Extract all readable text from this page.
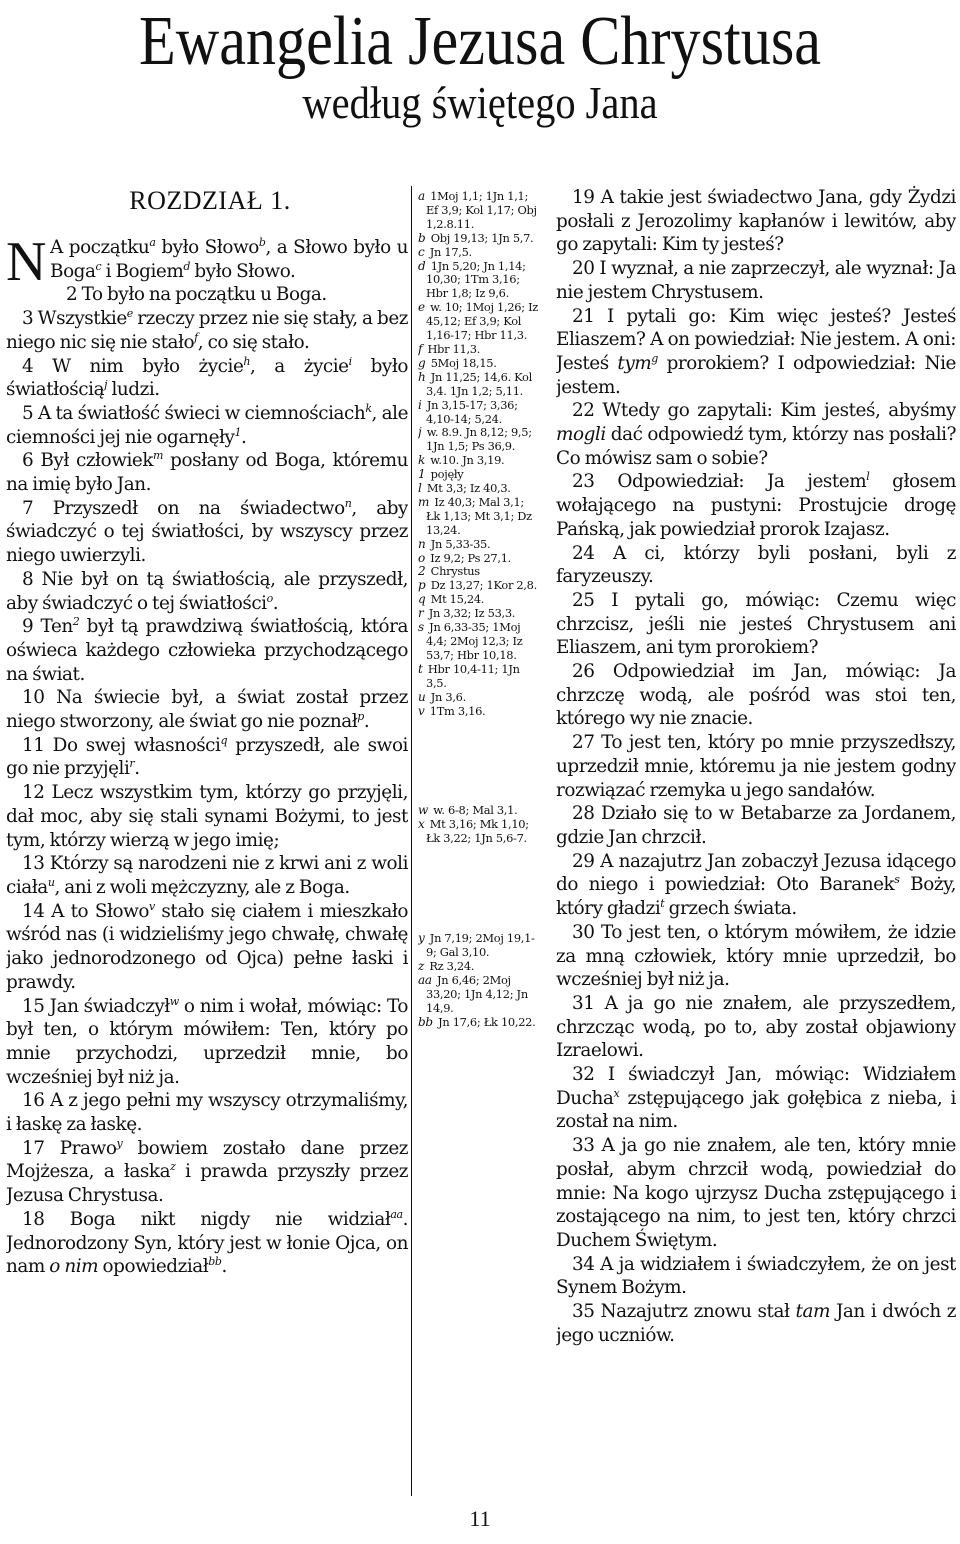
Ewangelia Jezusa Chrystusa
według świętego Jana
ROZDZIAŁ 1.

N A początku$^a$ było Słowo$^b$, a Słowo było u Boga$^c$ i Bogiem$^d$ było Słowo.

2 To było na początku u Boga.

3 Wszystkie$^e$ rzeczy przez nie się stały, a bez niego nic się nie stało$^f$, co się stało.

4 W nim było życie$^h$, a życie$^i$ było światłością$^j$ ludzi.

5 A ta światłość świeci w ciemnościach$^k$, ale ciemności jej nie ogarnęły$^1$.

6 Był człowiek$^m$ posłany od Boga, któremu na imię było Jan.

7 Przyszedł on na świadectwo$^n$, aby świadczyć o tej światłości, by wszyscy przez niego uwierzyli.

8 Nie był on tą światłością, ale przyszedł, aby świadczyć o tej światłości$^o$.

9 Ten$^2$ był tą prawdziwą światłością, która oświeca każdego człowieka przychodzącego na świat.

10 Na świecie był, a świat został przez niego stworzony, ale świat go nie poznał$^p$.

11 Do swej własności$^q$ przyszedł, ale swoi go nie przyjęli$^r$.

12 Lecz wszystkim tym, którzy go przyjęli, dał moc, aby się stali synami Bożymi, to jest tym, którzy wierzą w jego imię;

13 Którzy są narodzeni nie z krwi ani z woli ciała$^u$, ani z woli mężczyzny, ale z Boga.

14 A to Słowo$^v$ stało się ciałem i mieszkało wśród nas (i widzieliśmy jego chwałę, chwałę jako jednorodzonego od Ojca) pełne łaski i prawdy.

15 Jan świadczył$^w$ o nim i wołał, mówiąc: To był ten, o którym mówiłem: Ten, który po mnie przychodzi, uprzedził mnie, bo wcześniej był niż ja.

16 A z jego pełni my wszyscy otrzymaliśmy, i łaskę za łaskę.

17 Prawo$^y$ bowiem zostało dane przez Mojżesza, a łaska$^z$ i prawda przyszły przez Jezusa Chrystusa.

18 Boga nikt nigdy nie widział$^{aa}$. Jednorodzony Syn, który jest w łonie Ojca, on nam o nim opowiedział$^{bb}$.

a 1Moj 1,1; 1Jn 1,1; Ef 3,9; Kol 1,17; Obj 1,2.8.11.
b Obj 19,13; 1Jn 5,7.
c Jn 17,5.
d 1Jn 5,20; Jn 1,14; 10,30; 1Tm 3,16; Hbr 1,8; Iz 9,6.
e w. 10; 1Moj 1,26; Iz 45,12; Ef 3,9; Kol 1,16-17; Hbr 11,3.
f Hbr 11,3.
g 5Moj 18,15.
h Jn 11,25; 14,6. Kol 3,4. 1Jn 1,2; 5,11.
i Jn 3,15-17; 3,36; 4,10-14; 5,24.
j w. 8.9. Jn 8,12; 9,5; 1Jn 1,5; Ps 36,9.
k w.10. Jn 3,19.
1 pojęły
l Mt 3,3; Iz 40,3.
m Iz 40,3; Mal 3,1; Łk 1,13; Mt 3,1; Dz 13,24.
n Jn 5,33-35.
o Iz 9,2; Ps 27,1.
2 Chrystus
p Dz 13,27; 1Kor 2,8.
q Mt 15,24.
r Jn 3,32; Iz 53,3.
s Jn 6,33-35; 1Moj 4,4; 2Moj 12,3; Iz 53,7; Hbr 10,18.
t Hbr 10,4-11; 1Jn 3,5.
u Jn 3,6.
v 1Tm 3,16.
w w. 6-8; Mal 3,1.
x Mt 3,16; Mk 1,10; Łk 3,22; 1Jn 5,6-7.
y Jn 7,19; 2Moj 19,1-9; Gal 3,10.
z Rz 3,24.
aa Jn 6,46; 2Moj 33,20; 1Jn 4,12; Jn 14,9.
bb Jn 17,6; Łk 10,22.

19 A takie jest świadectwo Jana, gdy Żydzi posłali z Jerozolimy kapłanów i lewitów, aby go zapytali: Kim ty jesteś?

20 I wyznał, a nie zaprzeczył, ale wyznał: Ja nie jestem Chrystusem.

21 I pytali go: Kim więc jesteś? Jesteś Eliaszem? A on powiedział: Nie jestem. A oni: Jesteś tym$^g$ prorokiem? I odpowiedział: Nie jestem.

22 Wtedy go zapytali: Kim jesteś, abyśmy mogli dać odpowiedź tym, którzy nas posłali? Co mówisz sam o sobie?

23 Odpowiedział: Ja jestem$^l$ głosem wołającego na pustyni: Prostujcie drogę Pańską, jak powiedział prorok Izajasz.

24 A ci, którzy byli posłani, byli z faryzeuszy.

25 I pytali go, mówiąc: Czemu więc chrzcisz, jeśli nie jesteś Chrystusem ani Eliaszem, ani tym prorokiem?

26 Odpowiedział im Jan, mówiąc: Ja chrzczę wodą, ale pośród was stoi ten, którego wy nie znacie.

27 To jest ten, który po mnie przyszedłszy, uprzedził mnie, któremu ja nie jestem godny rozwiązać rzemyka u jego sandałów.

28 Działo się to w Betabarze za Jordanem, gdzie Jan chrzcił.

29 A nazajutrz Jan zobaczył Jezusa idącego do niego i powiedział: Oto Baranek$^s$ Boży, który gładzi$^t$ grzech świata.

30 To jest ten, o którym mówiłem, że idzie za mną człowiek, który mnie uprzedził, bo wcześniej był niż ja.

31 A ja go nie znałem, ale przyszedłem, chrzcząc wodą, po to, aby został objawiony Izraelowi.

32 I świadczył Jan, mówiąc: Widziałem Ducha$^x$ zstępującego jak gołębica z nieba, i został na nim.

33 A ja go nie znałem, ale ten, który mnie posłał, abym chrzcił wodą, powiedział do mnie: Na kogo ujrzysz Ducha zstępującego i zostającego na nim, to jest ten, który chrzci Duchem Świętym.

34 A ja widziałem i świadczyłem, że on jest Synem Bożym.

35 Nazajutrz znowu stał tam Jan i dwóch z jego uczniów.

11
